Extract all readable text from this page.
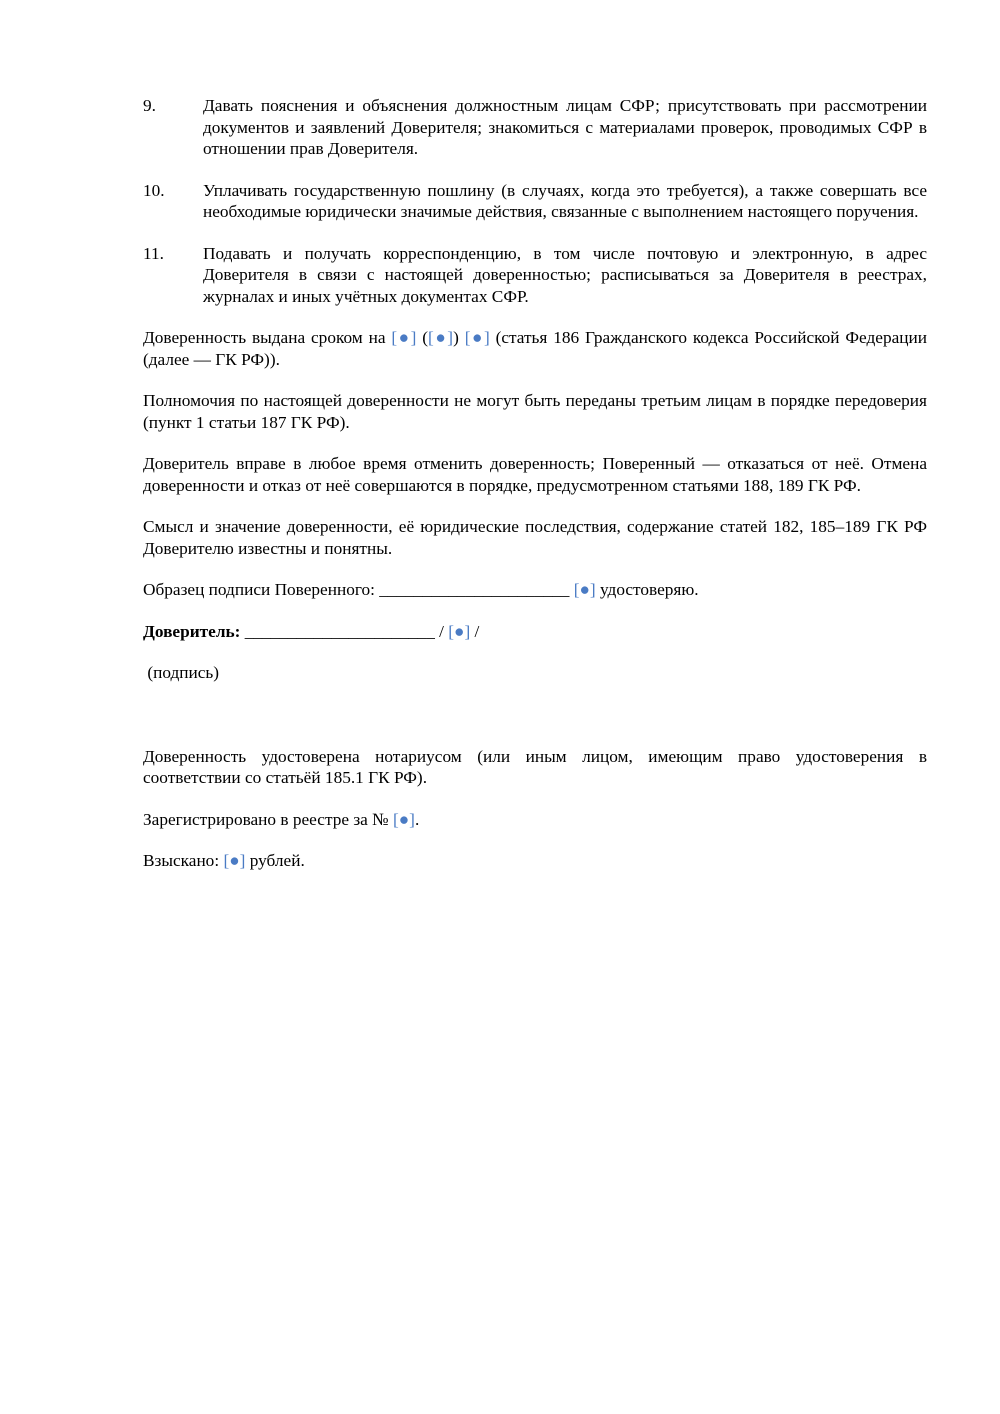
9.	Давать пояснения и объяснения должностным лицам СФР; присутствовать при рассмотрении документов и заявлений Доверителя; знакомиться с материалами проверок, проводимых СФР в отношении прав Доверителя.
10.	Уплачивать государственную пошлину (в случаях, когда это требуется), а также совершать все необходимые юридически значимые действия, связанные с выполнением настоящего поручения.
11.	Подавать и получать корреспонденцию, в том числе почтовую и электронную, в адрес Доверителя в связи с настоящей доверенностью; расписываться за Доверителя в реестрах, журналах и иных учётных документах СФР.

Доверенность выдана сроком на [●] ([●]) [●] (статья 186 Гражданского кодекса Российской Федерации (далее — ГК РФ)).

Полномочия по настоящей доверенности не могут быть переданы третьим лицам в порядке передоверия (пункт 1 статьи 187 ГК РФ).

Доверитель вправе в любое время отменить доверенность; Поверенный — отказаться от неё. Отмена доверенности и отказ от неё совершаются в порядке, предусмотренном статьями 188, 189 ГК РФ.

Смысл и значение доверенности, её юридические последствия, содержание статей 182, 185–189 ГК РФ Доверителю известны и понятны.

Образец подписи Поверенного: ______________________ [●] удостоверяю.

Доверитель: ______________________ / [●] /

(подпись)

Доверенность удостоверена нотариусом (или иным лицом, имеющим право удостоверения в соответствии со статьёй 185.1 ГК РФ).

Зарегистрировано в реестре за № [●].

Взыскано: [●] рублей.
